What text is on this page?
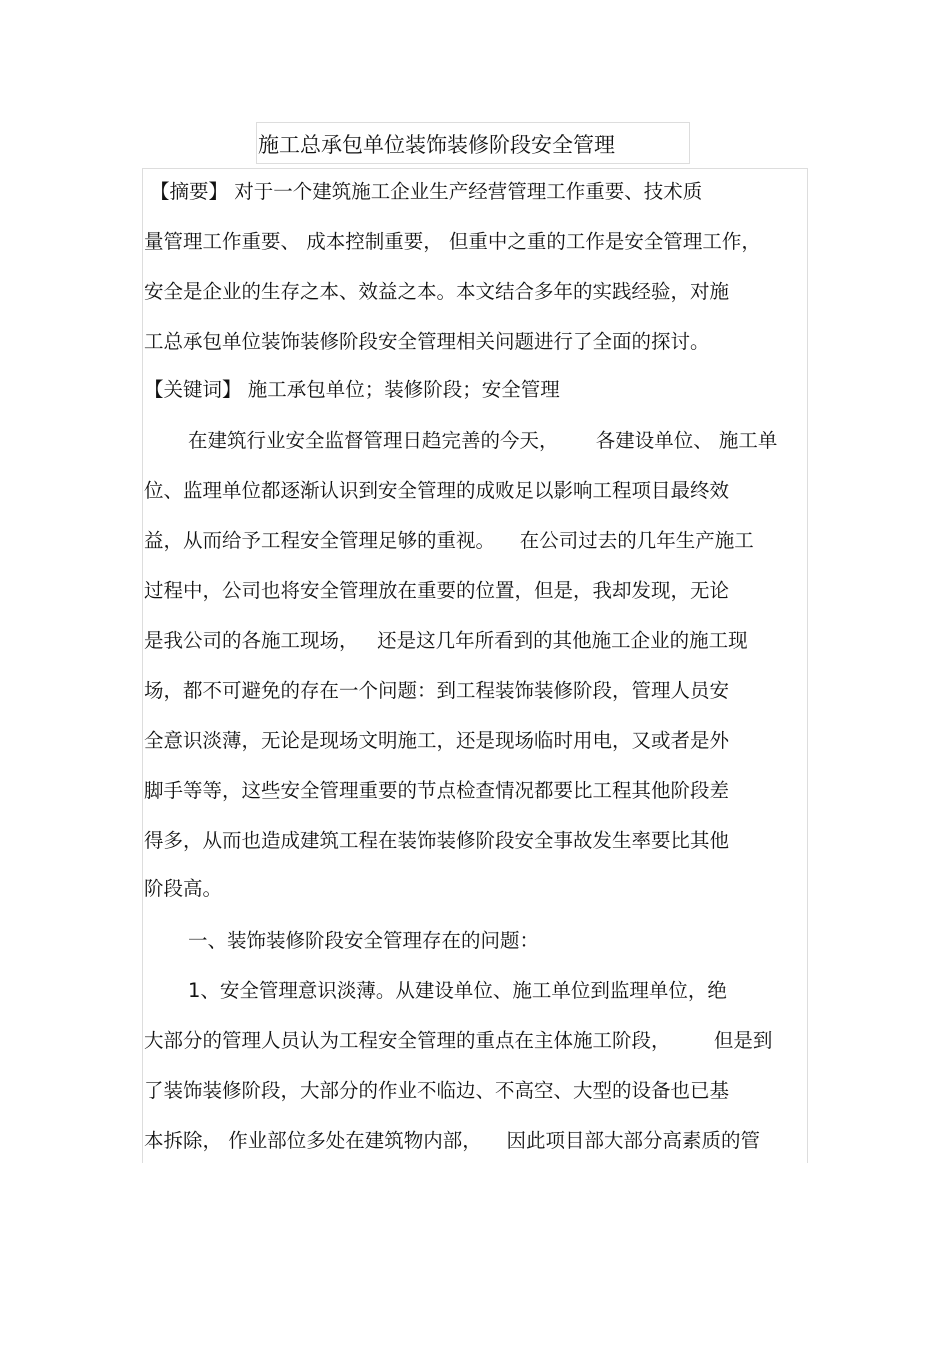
施工总承包单位装饰装修阶段安全管理
【摘要】 对于一个建筑施工企业生产经营管理工作重要、技术质
量管理工作重要、 成本控制重要， 但重中之重的工作是安全管理工作，
安全是企业的生存之本、效益之本。本文结合多年的实践经验，对施
工总承包单位装饰装修阶段安全管理相关问题进行了全面的探讨。
【关键词】 施工承包单位；装修阶段；安全管理
在建筑行业安全监督管理日趋完善的今天，      各建设单位、 施工单
位、监理单位都逐渐认识到安全管理的成败足以影响工程项目最终效
益，从而给予工程安全管理足够的重视。    在公司过去的几年生产施工
过程中，公司也将安全管理放在重要的位置，但是，我却发现，无论
是我公司的各施工现场，   还是这几年所看到的其他施工企业的施工现
场，都不可避免的存在一个问题：到工程装饰装修阶段，管理人员安
全意识淡薄，无论是现场文明施工，还是现场临时用电，又或者是外
脚手等等，这些安全管理重要的节点检查情况都要比工程其他阶段差
得多，从而也造成建筑工程在装饰装修阶段安全事故发生率要比其他
阶段高。
一、装饰装修阶段安全管理存在的问题：
1、安全管理意识淡薄。从建设单位、施工单位到监理单位，绝
大部分的管理人员认为工程安全管理的重点在主体施工阶段，       但是到
了装饰装修阶段，大部分的作业不临边、不高空、大型的设备也已基
本拆除， 作业部位多处在建筑物内部，    因此项目部大部分高素质的管
